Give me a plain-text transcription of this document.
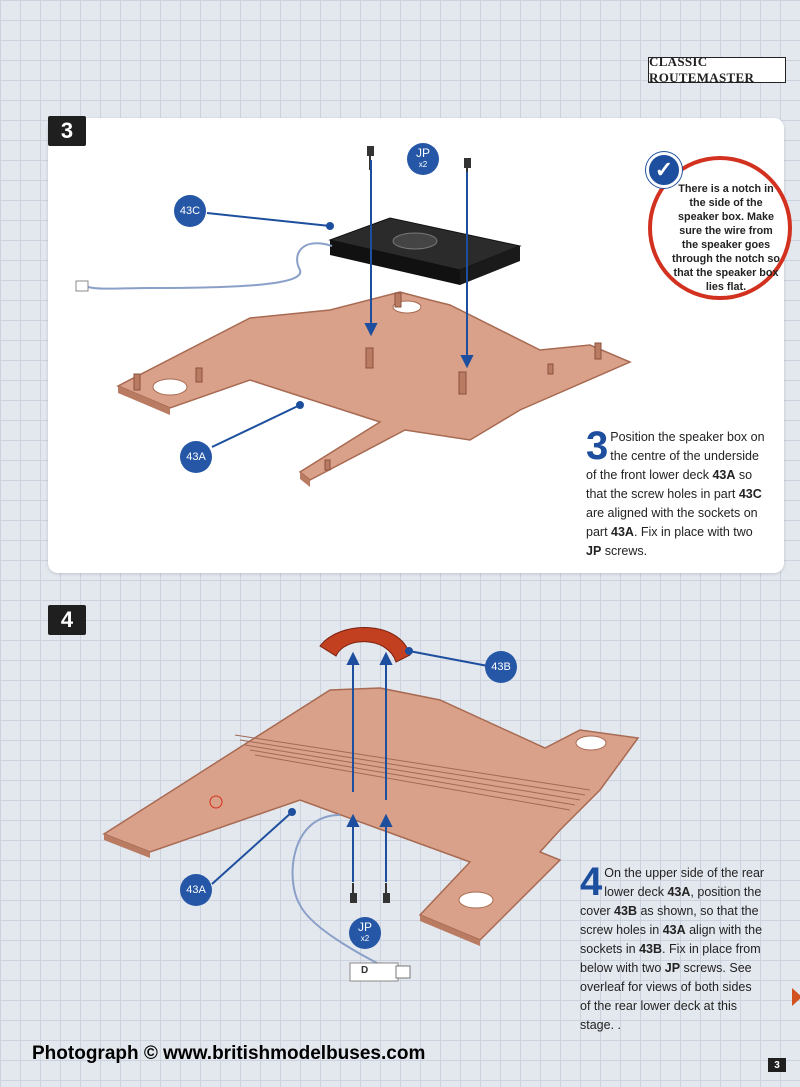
CLASSIC ROUTEMASTER
3
43C
JP
x2
43A
There is a notch in the side of the speaker box. Make sure the wire from the speaker goes through the notch so that the speaker box lies flat.
✓
3 Position the speaker box on the centre of the underside of the front lower deck 43A so that the screw holes in part 43C are aligned with the sockets on part 43A. Fix in place with two JP screws.
4
43B
43A
JP
x2
D
4 On the upper side of the rear lower deck 43A, position the cover 43B as shown, so that the screw holes in 43A align with the sockets in 43B. Fix in place from below with two JP screws. See overleaf for views of both sides of the rear lower deck at this stage. .
Photograph © www.britishmodelbuses.com
3
